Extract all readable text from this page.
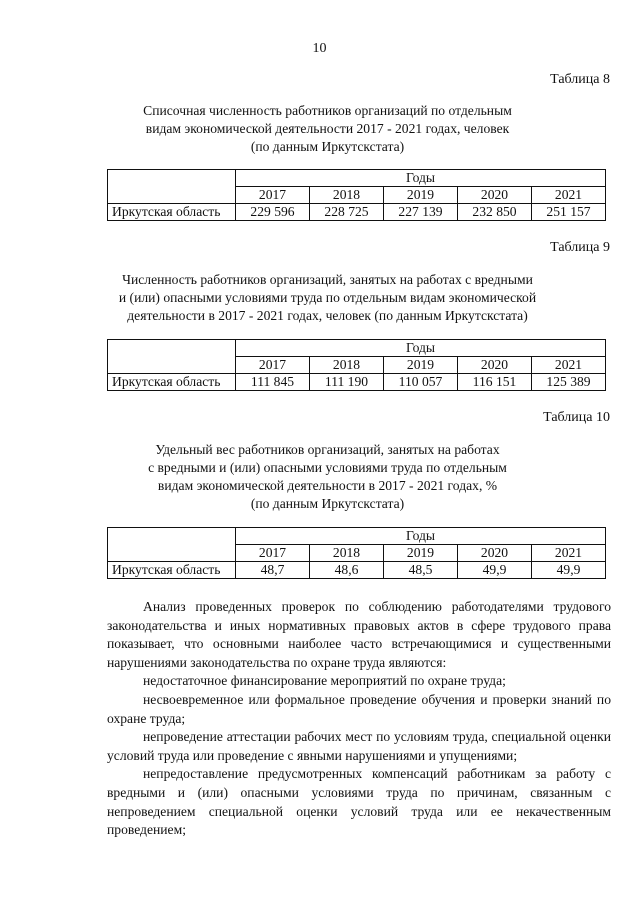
10
Таблица 8
Списочная численность работников организаций по отдельным
видам экономической деятельности 2017 - 2021 годах, человек
(по данным Иркутскстата)
	Годы				
	2017	2018	2019	2020	2021
Иркутская область	229 596	228 725	227 139	232 850	251 157
Таблица 9
Численность работников организаций, занятых на работах с вредными
и (или) опасными условиями труда по отдельным видам экономической
деятельности в 2017 - 2021 годах, человек (по данным Иркутскстата)
	Годы				
	2017	2018	2019	2020	2021
Иркутская область	111 845	111 190	110 057	116 151	125 389
Таблица 10
Удельный вес работников организаций, занятых на работах
с вредными и (или) опасными условиями труда по отдельным
видам экономической деятельности в 2017 - 2021 годах, %
(по данным Иркутскстата)
	Годы				
	2017	2018	2019	2020	2021
Иркутская область	48,7	48,6	48,5	49,9	49,9

Анализ проведенных проверок по соблюдению работодателями трудового законодательства и иных нормативных правовых актов в сфере трудового права показывает, что основными наиболее часто встречающимися и существенными нарушениями законодательства по охране труда являются:

недостаточное финансирование мероприятий по охране труда;

несвоевременное или формальное проведение обучения и проверки знаний по охране труда;

непроведение аттестации рабочих мест по условиям труда, специальной оценки условий труда или проведение с явными нарушениями и упущениями;

непредоставление предусмотренных компенсаций работникам за работу с вредными и (или) опасными условиями труда по причинам, связанным с непроведением специальной оценки условий труда или ее некачественным проведением;
